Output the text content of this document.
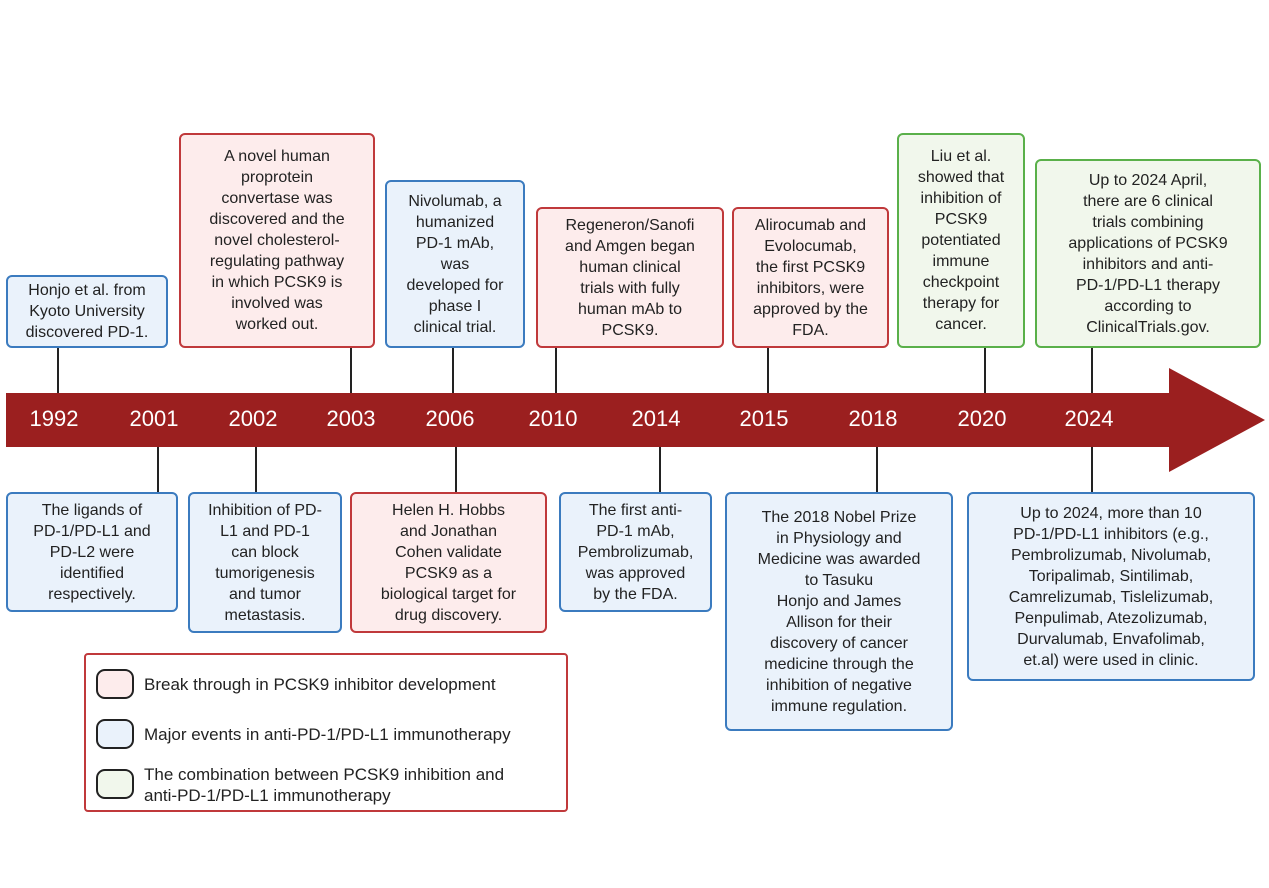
1992	2001	2002	2003	2006	2010	2014	2015	2018	2020	2024
Honjo et al. from
Kyoto University
discovered PD-1.
A novel human
proprotein
convertase was
discovered and the
novel cholesterol-
regulating pathway
in which PCSK9 is
involved was
worked out.
Nivolumab, a
humanized
PD-1 mAb,
was
developed for
phase I
clinical trial.
Regeneron/Sanofi
and Amgen began
human clinical
trials with fully
human mAb to
PCSK9.
Alirocumab and
Evolocumab,
the first PCSK9
inhibitors, were
approved by the
FDA.
Liu et al.
showed that
inhibition of
PCSK9
potentiated
immune
checkpoint
therapy for
cancer.
Up to 2024 April,
there are 6 clinical
trials combining
applications of PCSK9
inhibitors and anti-
PD-1/PD-L1 therapy
according to
ClinicalTrials.gov.
The ligands of
PD-1/PD-L1 and
PD-L2 were
identified
respectively.
Inhibition of PD-
L1 and PD-1
can block
tumorigenesis
and tumor
metastasis.
Helen H. Hobbs
and Jonathan
Cohen validate
PCSK9 as a
biological target for
drug discovery.
The first anti-
PD-1 mAb,
Pembrolizumab,
was approved
by the FDA.
The 2018 Nobel Prize
in Physiology and
Medicine was awarded
to Tasuku
Honjo and James
Allison for their
discovery of cancer
medicine through the
inhibition of negative
immune regulation.
Up to 2024, more than 10
PD-1/PD-L1 inhibitors (e.g.,
Pembrolizumab, Nivolumab,
Toripalimab, Sintilimab,
Camrelizumab, Tislelizumab,
Penpulimab, Atezolizumab,
Durvalumab, Envafolimab,
et.al) were used in clinic.
Break through in PCSK9 inhibitor development
Major events in anti-PD-1/PD-L1 immunotherapy
The combination between PCSK9 inhibition and
anti-PD-1/PD-L1 immunotherapy
